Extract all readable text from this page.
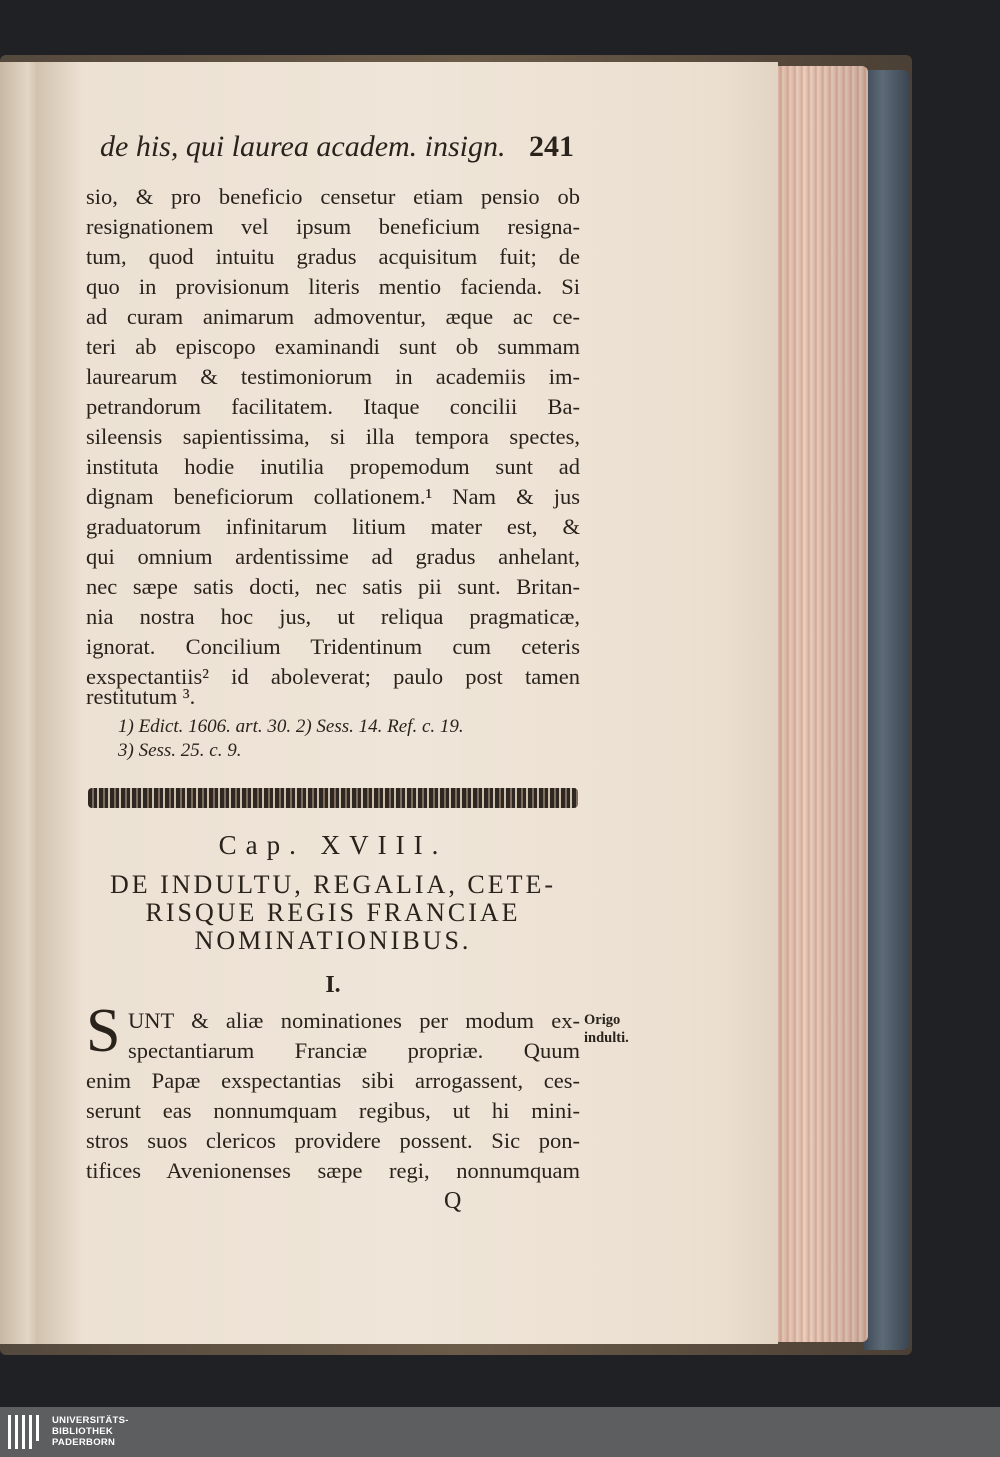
de his, qui laurea academ. insign. 241
sio, & pro beneficio censetur etiam pensio ob
resignationem vel ipsum beneficium resigna-
tum, quod intuitu gradus acquisitum fuit; de
quo in provisionum literis mentio facienda. Si
ad curam animarum admoventur, æque ac ce-
teri ab episcopo examinandi sunt ob summam
laurearum & testimoniorum in academiis im-
petrandorum facilitatem. Itaque concilii Ba-
sileensis sapientissima, si illa tempora spectes,
instituta hodie inutilia propemodum sunt ad
dignam beneficiorum collationem.¹ Nam & jus
graduatorum infinitarum litium mater est, &
qui omnium ardentissime ad gradus anhelant,
nec sæpe satis docti, nec satis pii sunt. Britan-
nia nostra hoc jus, ut reliqua pragmaticæ,
ignorat. Concilium Tridentinum cum ceteris
exspectantiis² id aboleverat; paulo post tamen
restitutum ³.
1) Edict. 1606. art. 30. 2) Sess. 14. Ref. c. 19.
3) Sess. 25. c. 9.
Cap. XVIII.
DE INDULTU, REGALIA, CETE-
RISQUE REGIS FRANCIAE
NOMINATIONIBUS.
I.
S UNT & aliæ nominationes per modum ex-
spectantiarum Franciæ propriæ. Quum
enim Papæ exspectantias sibi arrogassent, ces-
serunt eas nonnumquam regibus, ut hi mini-
stros suos clericos providere possent. Sic pon-
tifices Avenionenses sæpe regi, nonnumquam
Origo
indulti.
Q
UNIVERSITÄTS-
BIBLIOTHEK
PADERBORN
